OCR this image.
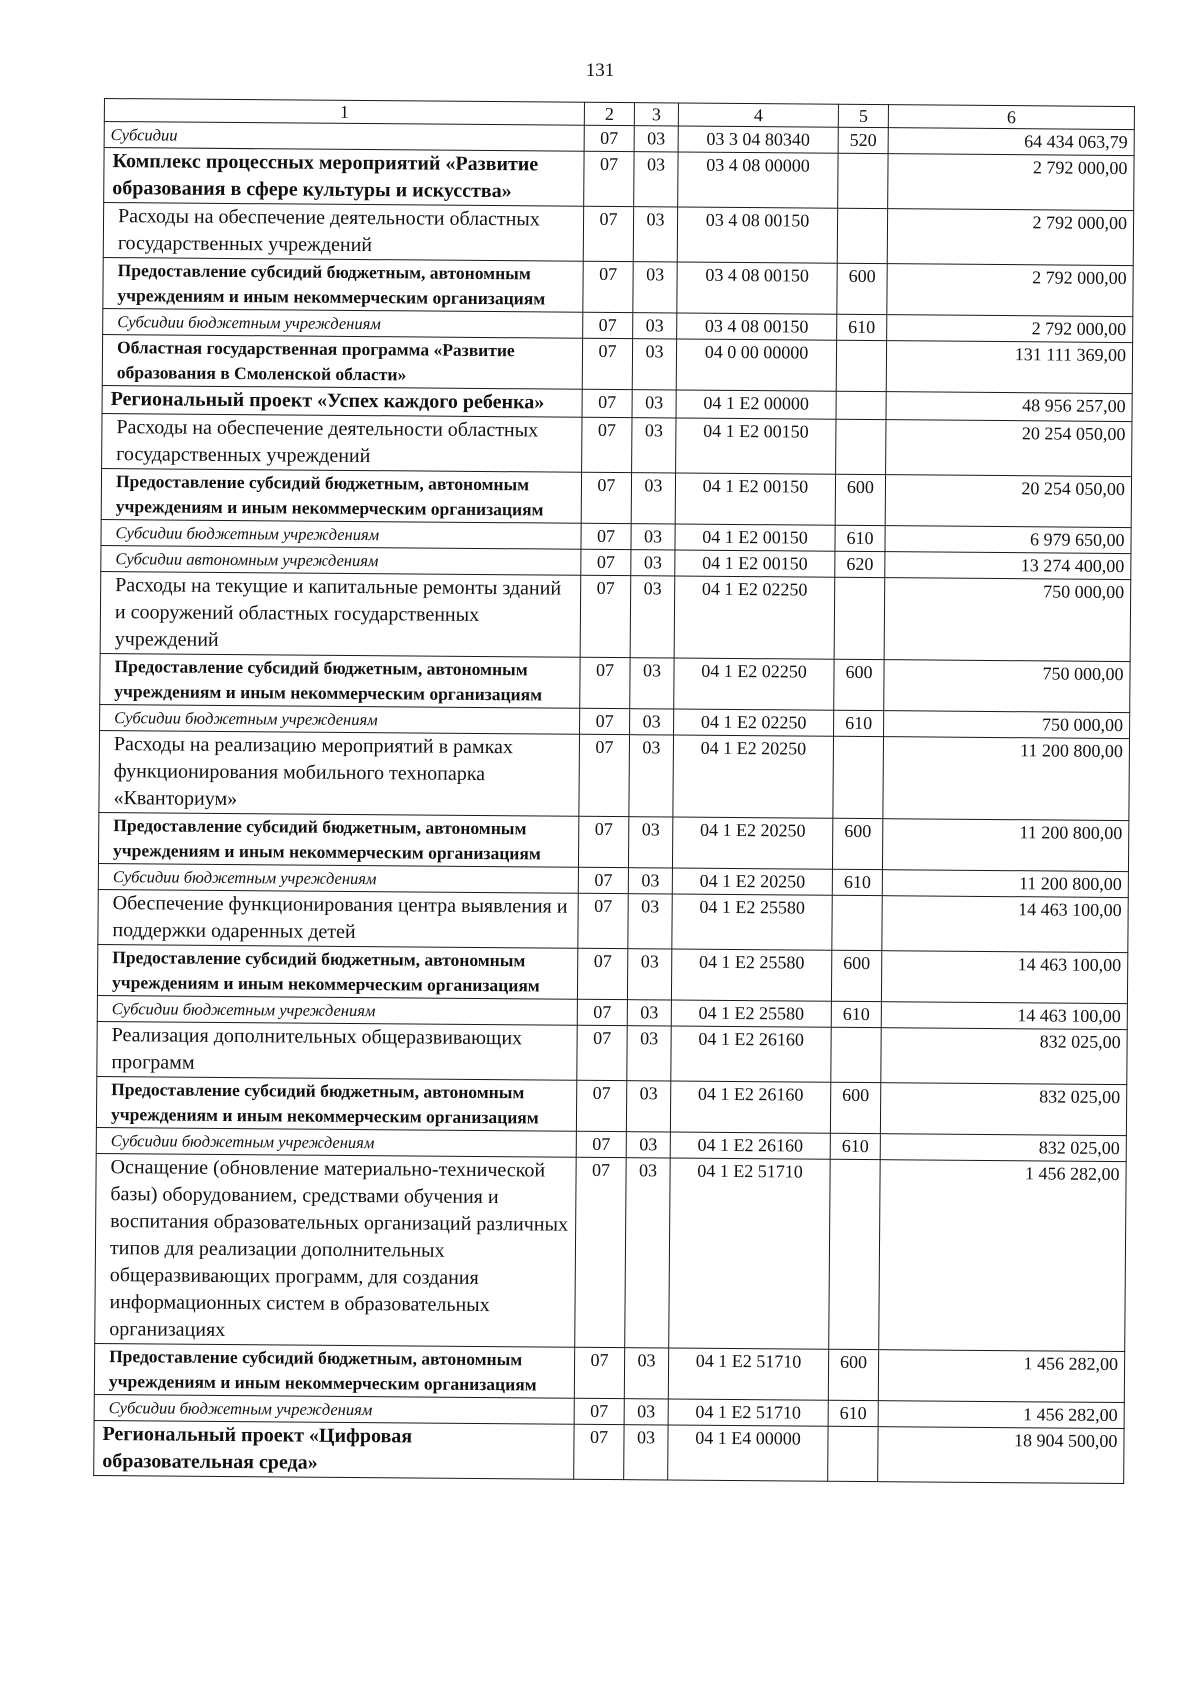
131
1	2	3	4	5	6
Субсидии	07	03	03 3 04 80340	520	64 434 063,79
Комплекс процессных мероприятий «Развитие образования в сфере культуры и искусства»	07	03	03 4 08 00000		2 792 000,00
Расходы на обеспечение деятельности областных государственных учреждений	07	03	03 4 08 00150		2 792 000,00
Предоставление субсидий бюджетным, автономным учреждениям и иным некоммерческим организациям	07	03	03 4 08 00150	600	2 792 000,00
Субсидии бюджетным учреждениям	07	03	03 4 08 00150	610	2 792 000,00
Областная государственная программа «Развитие образования в Смоленской области»	07	03	04 0 00 00000		131 111 369,00
Региональный проект «Успех каждого ребенка»	07	03	04 1 E2 00000		48 956 257,00
Расходы на обеспечение деятельности областных государственных учреждений	07	03	04 1 E2 00150		20 254 050,00
Предоставление субсидий бюджетным, автономным учреждениям и иным некоммерческим организациям	07	03	04 1 E2 00150	600	20 254 050,00
Субсидии бюджетным учреждениям	07	03	04 1 E2 00150	610	6 979 650,00
Субсидии автономным учреждениям	07	03	04 1 E2 00150	620	13 274 400,00
Расходы на текущие и капитальные ремонты зданий и сооружений областных государственных учреждений	07	03	04 1 E2 02250		750 000,00
Предоставление субсидий бюджетным, автономным учреждениям и иным некоммерческим организациям	07	03	04 1 E2 02250	600	750 000,00
Субсидии бюджетным учреждениям	07	03	04 1 E2 02250	610	750 000,00
Расходы на реализацию мероприятий в рамках функционирования мобильного технопарка «Кванториум»	07	03	04 1 E2 20250		11 200 800,00
Предоставление субсидий бюджетным, автономным учреждениям и иным некоммерческим организациям	07	03	04 1 E2 20250	600	11 200 800,00
Субсидии бюджетным учреждениям	07	03	04 1 E2 20250	610	11 200 800,00
Обеспечение функционирования центра выявления и поддержки одаренных детей	07	03	04 1 E2 25580		14 463 100,00
Предоставление субсидий бюджетным, автономным учреждениям и иным некоммерческим организациям	07	03	04 1 E2 25580	600	14 463 100,00
Субсидии бюджетным учреждениям	07	03	04 1 E2 25580	610	14 463 100,00
Реализация дополнительных общеразвивающих программ	07	03	04 1 E2 26160		832 025,00
Предоставление субсидий бюджетным, автономным учреждениям и иным некоммерческим организациям	07	03	04 1 E2 26160	600	832 025,00
Субсидии бюджетным учреждениям	07	03	04 1 E2 26160	610	832 025,00
Оснащение (обновление материально-технической базы) оборудованием, средствами обучения и воспитания образовательных организаций различных типов для реализации дополнительных общеразвивающих программ, для создания информационных систем в образовательных организациях	07	03	04 1 E2 51710		1 456 282,00
Предоставление субсидий бюджетным, автономным учреждениям и иным некоммерческим организациям	07	03	04 1 E2 51710	600	1 456 282,00
Субсидии бюджетным учреждениям	07	03	04 1 E2 51710	610	1 456 282,00
Региональный проект «Цифровая образовательная среда»	07	03	04 1 E4 00000		18 904 500,00
